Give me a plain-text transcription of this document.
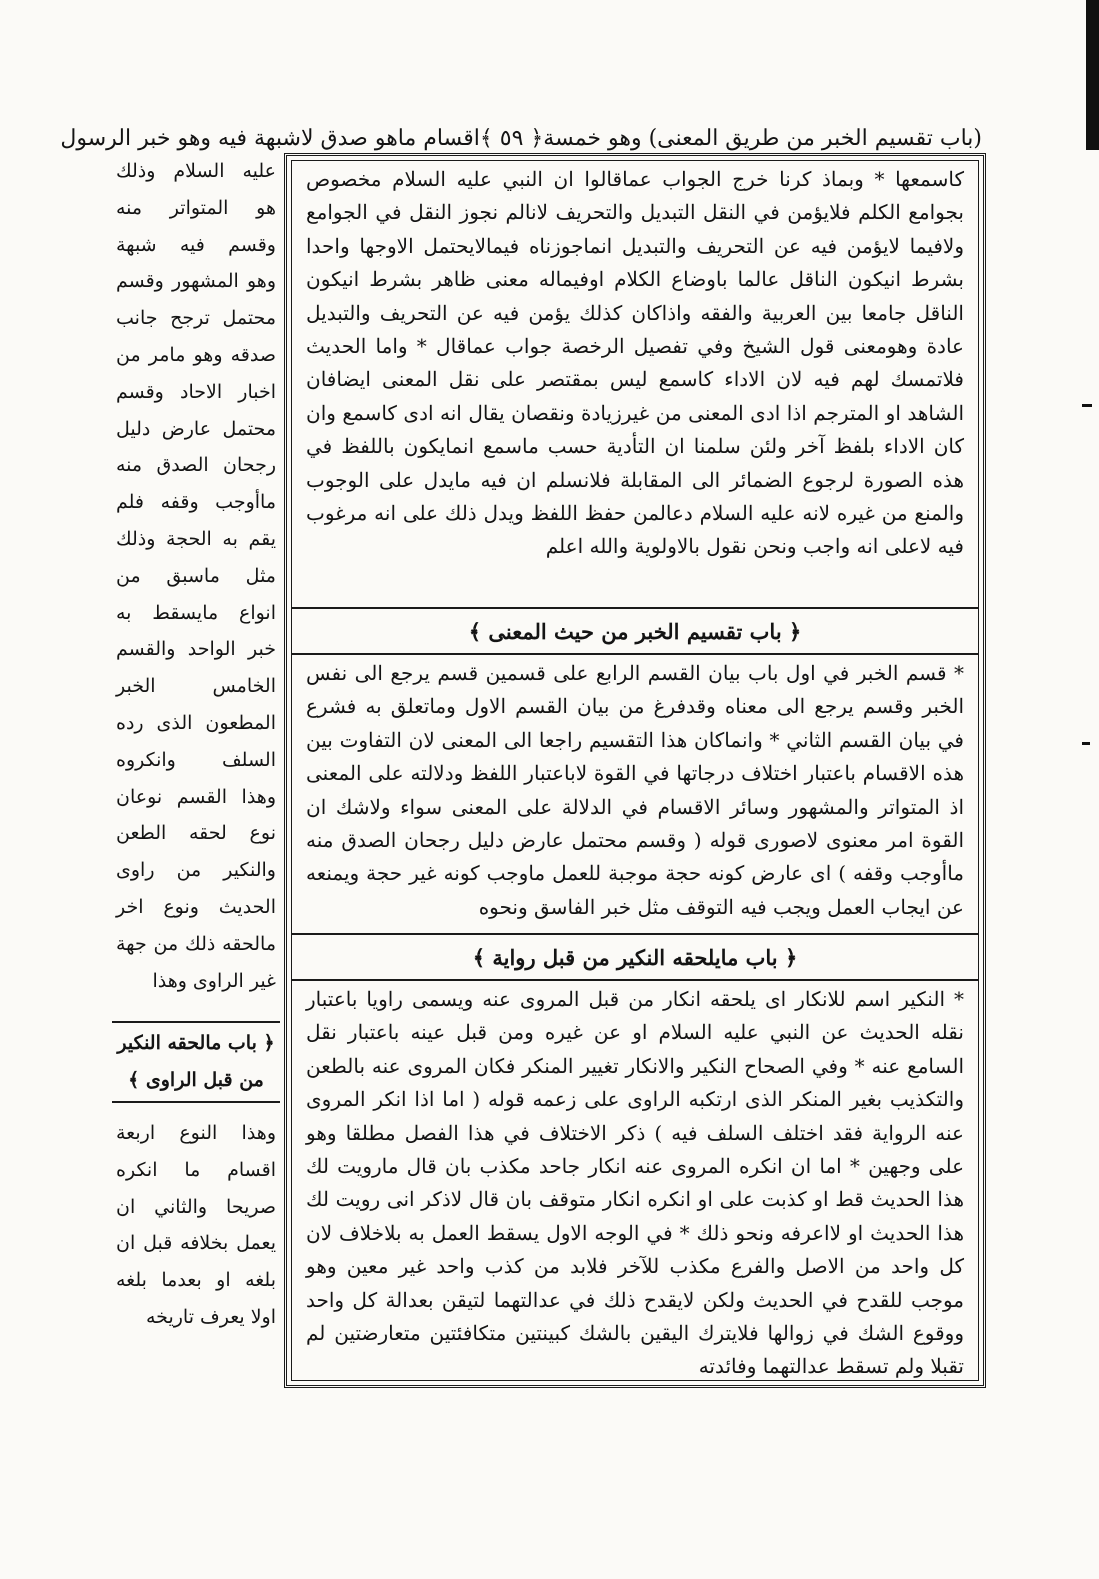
(باب تقسيم الخبر من طريق المعنى) وهو خمسة
﴿ ٥٩ ﴾
اقسام ماهو صدق لاشبهة فيه وهو خبر الرسول
كاسمعها * وبماذ كرنا خرج الجواب عماقالوا ان النبي عليه السلام مخصوص بجوامع الكلم فلايؤمن في النقل التبديل والتحريف لانالم نجوز النقل في الجوامع ولافيما لايؤمن فيه عن التحريف والتبديل انماجوزناه فيمالايحتمل الاوجها واحدا بشرط انيكون الناقل عالما باوضاع الكلام اوفيماله معنى ظاهر بشرط انيكون الناقل جامعا بين العربية والفقه واذاكان كذلك يؤمن فيه عن التحريف والتبديل عادة وهومعنى قول الشيخ وفي تفصيل الرخصة جواب عماقال * واما الحديث فلاتمسك لهم فيه لان الاداء كاسمع ليس بمقتصر على نقل المعنى ايضافان الشاهد او المترجم اذا ادى المعنى من غيرزيادة ونقصان يقال انه ادى كاسمع وان كان الاداء بلفظ آخر ولئن سلمنا ان التأدية حسب ماسمع انمايكون باللفظ في هذه الصورة لرجوع الضمائر الى المقابلة فلانسلم ان فيه مايدل على الوجوب والمنع من غيره لانه عليه السلام دعالمن حفظ اللفظ ويدل ذلك على انه مرغوب فيه لاعلى انه واجب ونحن نقول بالاولوية والله اعلم
﴿ باب تقسيم الخبر من حيث المعنى ﴾
* قسم الخبر في اول باب بيان القسم الرابع على قسمين قسم يرجع الى نفس الخبر وقسم يرجع الى معناه وقدفرغ من بيان القسم الاول وماتعلق به فشرع في بيان القسم الثاني * وانماكان هذا التقسيم راجعا الى المعنى لان التفاوت بين هذه الاقسام باعتبار اختلاف درجاتها في القوة لاباعتبار اللفظ ودلالته على المعنى اذ المتواتر والمشهور وسائر الاقسام في الدلالة على المعنى سواء ولاشك ان القوة امر معنوى لاصورى قوله ( وقسم محتمل عارض دليل رجحان الصدق منه ماأوجب وقفه ) اى عارض كونه حجة موجبة للعمل ماوجب كونه غير حجة ويمنعه عن ايجاب العمل ويجب فيه التوقف مثل خبر الفاسق ونحوه
﴿ باب مايلحقه النكير من قبل رواية ﴾
* النكير اسم للانكار اى يلحقه انكار من قبل المروى عنه ويسمى راويا باعتبار نقله الحديث عن النبي عليه السلام او عن غيره ومن قبل عينه باعتبار نقل السامع عنه * وفي الصحاح النكير والانكار تغيير المنكر فكان المروى عنه بالطعن والتكذيب بغير المنكر الذى ارتكبه الراوى على زعمه قوله ( اما اذا انكر المروى عنه الرواية فقد اختلف السلف فيه ) ذكر الاختلاف في هذا الفصل مطلقا وهو على وجهين * اما ان انكره المروى عنه انكار جاحد مكذب بان قال مارويت لك هذا الحديث قط او كذبت على او انكره انكار متوقف بان قال لاذكر انى رويت لك هذا الحديث او لااعرفه ونحو ذلك * في الوجه الاول يسقط العمل به بلاخلاف لان كل واحد من الاصل والفرع مكذب للآخر فلابد من كذب واحد غير معين وهو موجب للقدح في الحديث ولكن لايقدح ذلك في عدالتهما لتيقن بعدالة كل واحد ووقوع الشك في زوالها فلايترك اليقين بالشك كبينتين متكافئتين متعارضتين لم تقبلا ولم تسقط عدالتهما وفائدته
عليه السلام وذلك هو المتواتر منه وقسم فيه شبهة وهو المشهور وقسم محتمل ترجح جانب صدقه وهو مامر من اخبار الاحاد وقسم محتمل عارض دليل رجحان الصدق منه ماأوجب وقفه فلم يقم به الحجة وذلك مثل ماسبق من انواع مايسقط به خبر الواحد والقسم الخامس الخبر المطعون الذى رده السلف وانكروه وهذا القسم نوعان نوع لحقه الطعن والنكير من راوى الحديث ونوع اخر مالحقه ذلك من جهة غير الراوى وهذا
﴿ باب مالحقه النكير من قبل الراوى ﴾
وهذا النوع اربعة اقسام ما انكره صريحا والثاني ان يعمل بخلافه قبل ان بلغه او بعدما بلغه اولا يعرف تاريخه
